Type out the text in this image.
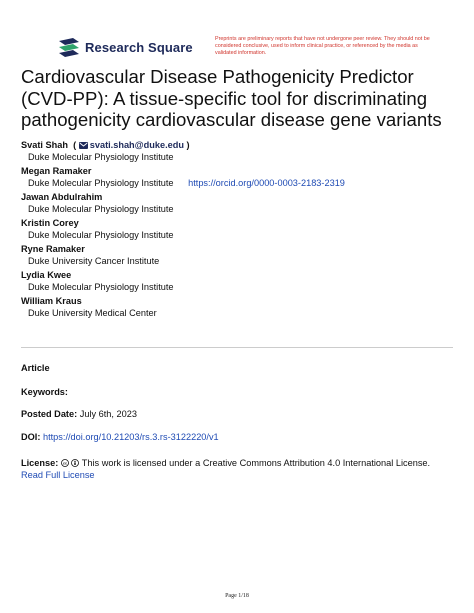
Research Square
Preprints are preliminary reports that have not undergone peer review. They should not be considered conclusive, used to inform clinical practice, or referenced by the media as validated information.
Cardiovascular Disease Pathogenicity Predictor (CVD-PP): A tissue-specific tool for discriminating pathogenicity cardiovascular disease gene variants
Svati Shah  ( svati.shah@duke.edu )
Duke Molecular Physiology Institute
Megan Ramaker
Duke Molecular Physiology Institute https://orcid.org/0000-0003-2183-2319
Jawan Abdulrahim
Duke Molecular Physiology Institute
Kristin Corey
Duke Molecular Physiology Institute
Ryne Ramaker
Duke University Cancer Institute
Lydia Kwee
Duke Molecular Physiology Institute
William Kraus
Duke University Medical Center
Article
Keywords:
Posted Date: July 6th, 2023
DOI: https://doi.org/10.21203/rs.3.rs-3122220/v1
License: cc This work is licensed under a Creative Commons Attribution 4.0 International License.
Read Full License
Page 1/18
